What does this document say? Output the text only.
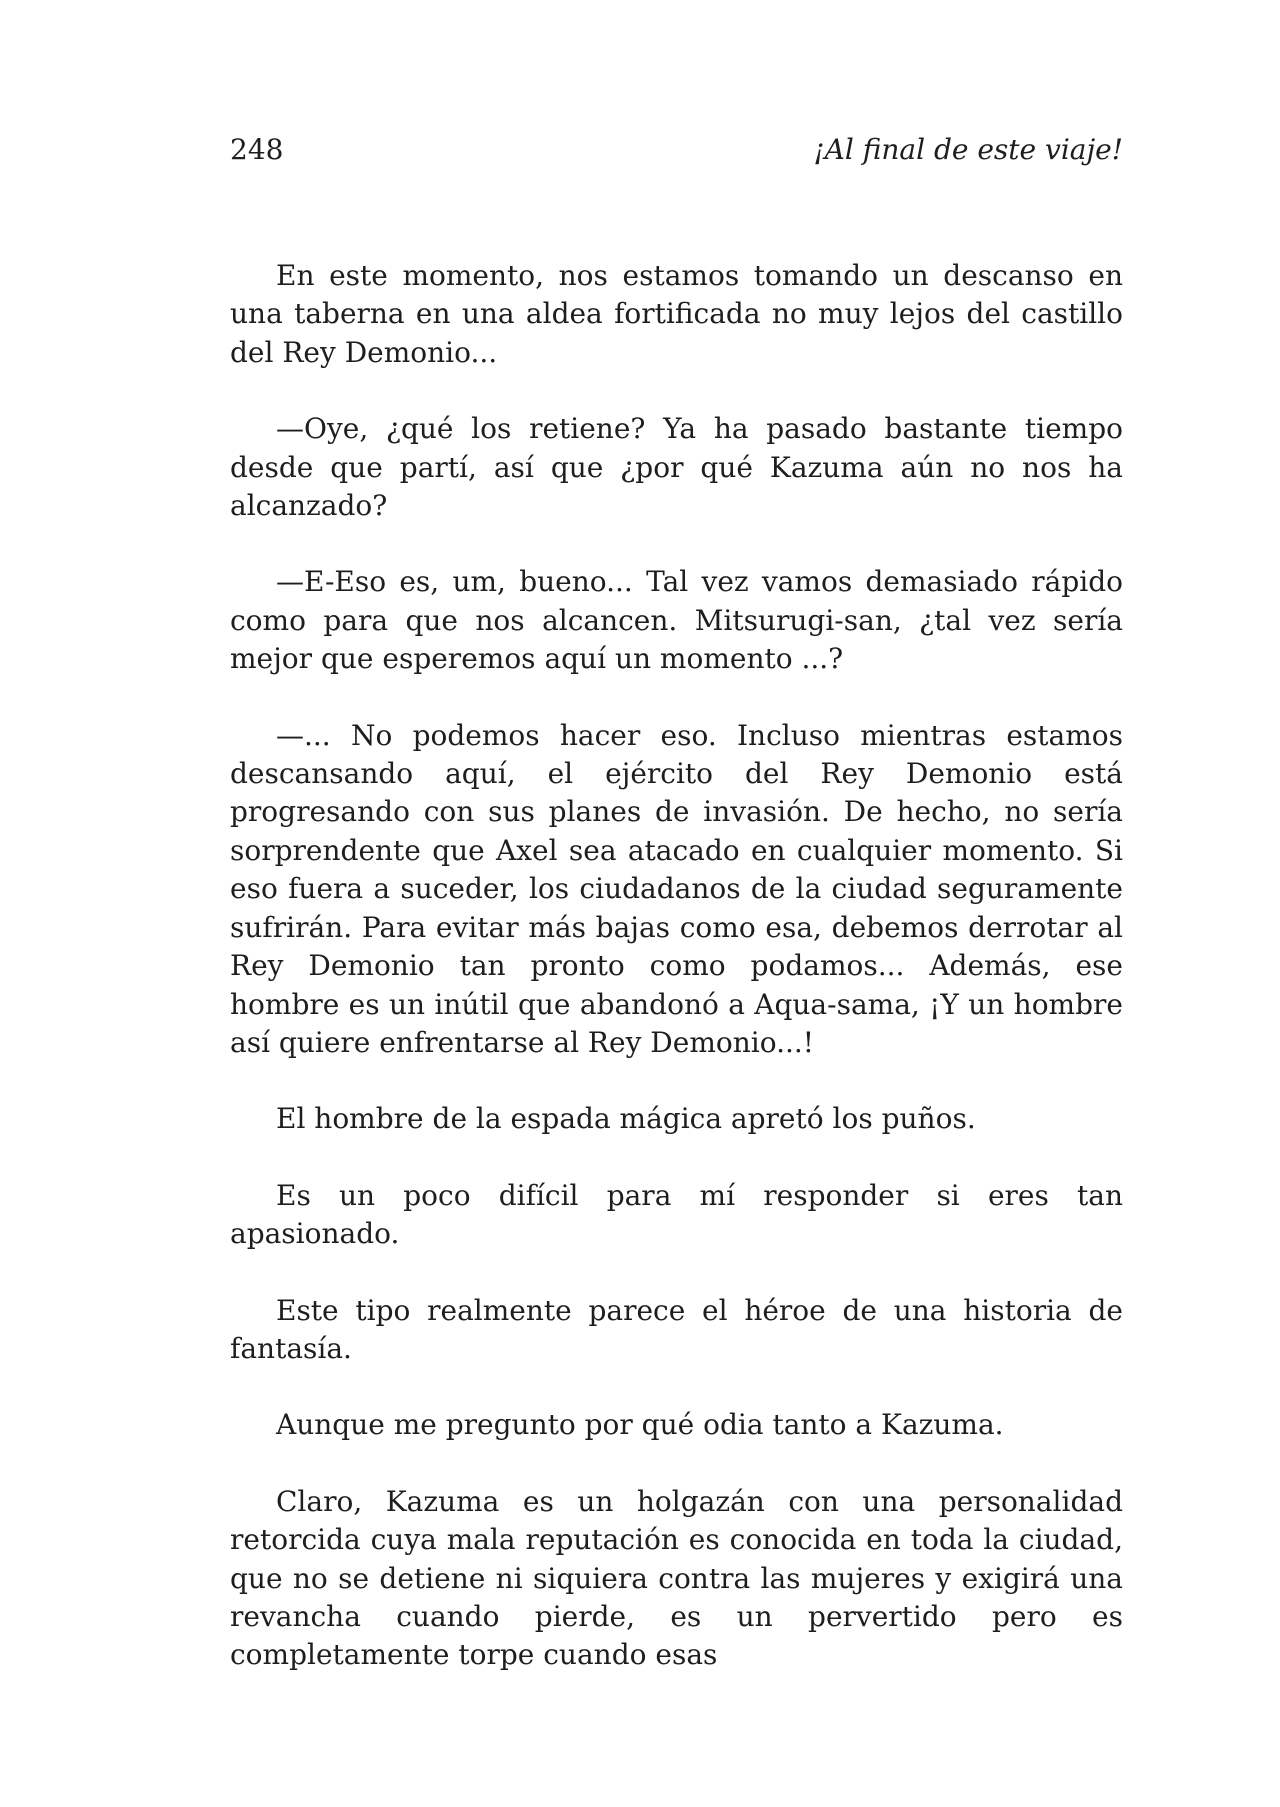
248	¡Al final de este viaje!

En este momento, nos estamos tomando un descanso en una taberna en una aldea fortificada no muy lejos del castillo del Rey Demonio...

—Oye, ¿qué los retiene? Ya ha pasado bastante tiempo desde que partí, así que ¿por qué Kazuma aún no nos ha alcanzado?

—E-Eso es, um, bueno... Tal vez vamos demasiado rápido como para que nos alcancen. Mitsurugi-san, ¿tal vez sería mejor que esperemos aquí un momento ...?

—... No podemos hacer eso. Incluso mientras estamos descansando aquí, el ejército del Rey Demonio está progresando con sus planes de invasión. De hecho, no sería sorprendente que Axel sea atacado en cualquier momento. Si eso fuera a suceder, los ciudadanos de la ciudad seguramente sufrirán. Para evitar más bajas como esa, debemos derrotar al Rey Demonio tan pronto como podamos... Además, ese hombre es un inútil que abandonó a Aqua-sama, ¡Y un hombre así quiere enfrentarse al Rey Demonio...!

El hombre de la espada mágica apretó los puños.

Es un poco difícil para mí responder si eres tan apasionado.

Este tipo realmente parece el héroe de una historia de fantasía.

Aunque me pregunto por qué odia tanto a Kazuma.

Claro, Kazuma es un holgazán con una personalidad retorcida cuya mala reputación es conocida en toda la ciudad, que no se detiene ni siquiera contra las mujeres y exigirá una revancha cuando pierde, es un pervertido pero es completamente torpe cuando esas
